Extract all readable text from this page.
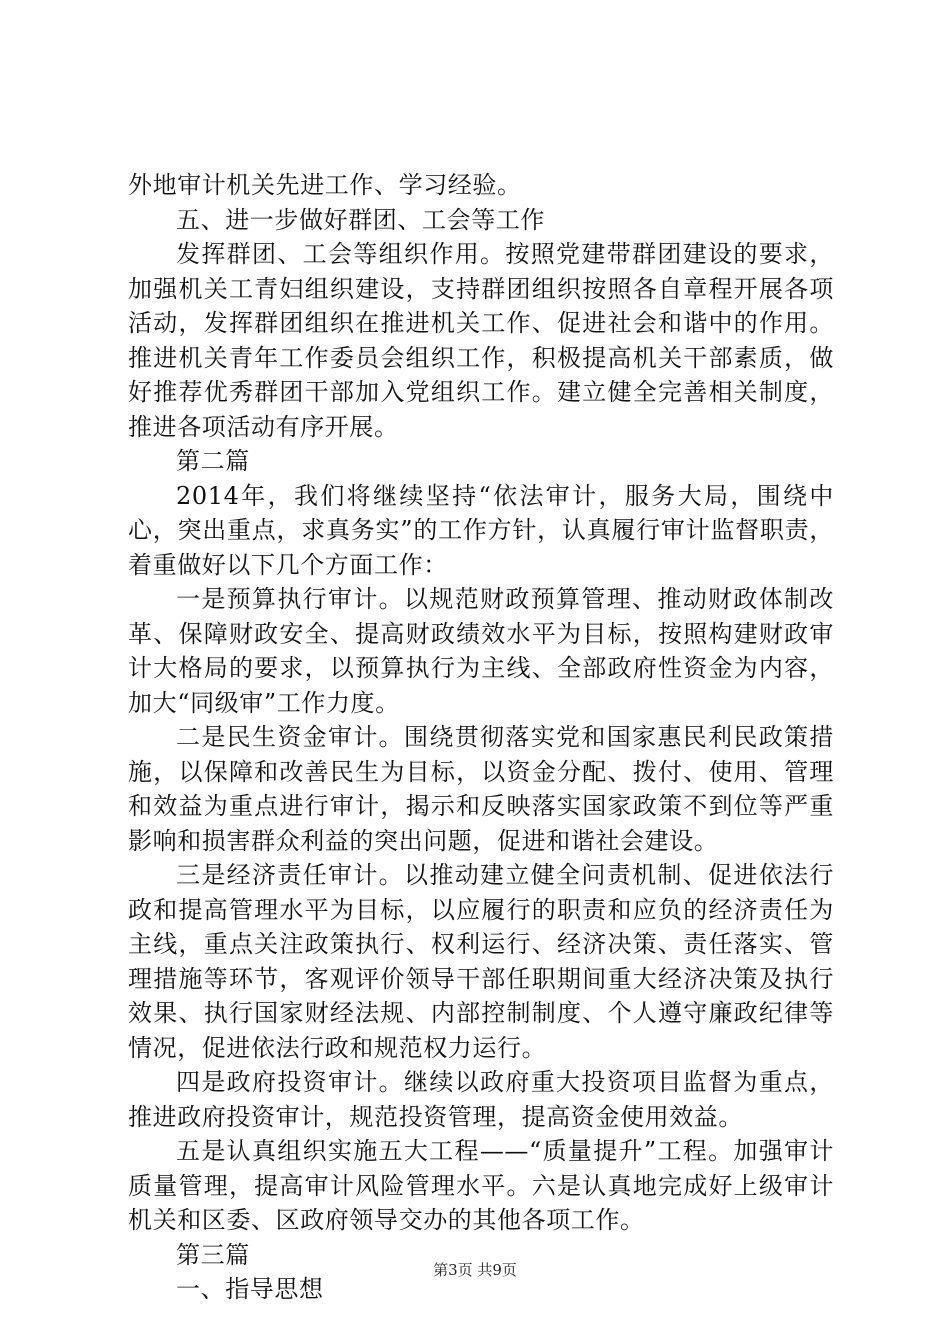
外地审计机关先进工作、学习经验。

五、进一步做好群团、工会等工作

发挥群团、工会等组织作用。按照党建带群团建设的要求，加强机关工青妇组织建设，支持群团组织按照各自章程开展各项活动，发挥群团组织在推进机关工作、促进社会和谐中的作用。推进机关青年工作委员会组织工作，积极提高机关干部素质，做好推荐优秀群团干部加入党组织工作。建立健全完善相关制度，推进各项活动有序开展。

第二篇

2014年，我们将继续坚持“依法审计，服务大局，围绕中心，突出重点，求真务实”的工作方针，认真履行审计监督职责，着重做好以下几个方面工作：

一是预算执行审计。以规范财政预算管理、推动财政体制改革、保障财政安全、提高财政绩效水平为目标，按照构建财政审计大格局的要求，以预算执行为主线、全部政府性资金为内容，加大“同级审”工作力度。

二是民生资金审计。围绕贯彻落实党和国家惠民利民政策措施，以保障和改善民生为目标，以资金分配、拨付、使用、管理和效益为重点进行审计，揭示和反映落实国家政策不到位等严重影响和损害群众利益的突出问题，促进和谐社会建设。

三是经济责任审计。以推动建立健全问责机制、促进依法行政和提高管理水平为目标，以应履行的职责和应负的经济责任为主线，重点关注政策执行、权利运行、经济决策、责任落实、管理措施等环节，客观评价领导干部任职期间重大经济决策及执行效果、执行国家财经法规、内部控制制度、个人遵守廉政纪律等情况，促进依法行政和规范权力运行。

四是政府投资审计。继续以政府重大投资项目监督为重点，推进政府投资审计，规范投资管理，提高资金使用效益。

五是认真组织实施五大工程——“质量提升”工程。加强审计质量管理，提高审计风险管理水平。六是认真地完成好上级审计机关和区委、区政府领导交办的其他各项工作。

第三篇

一、指导思想

第3页 共9页
